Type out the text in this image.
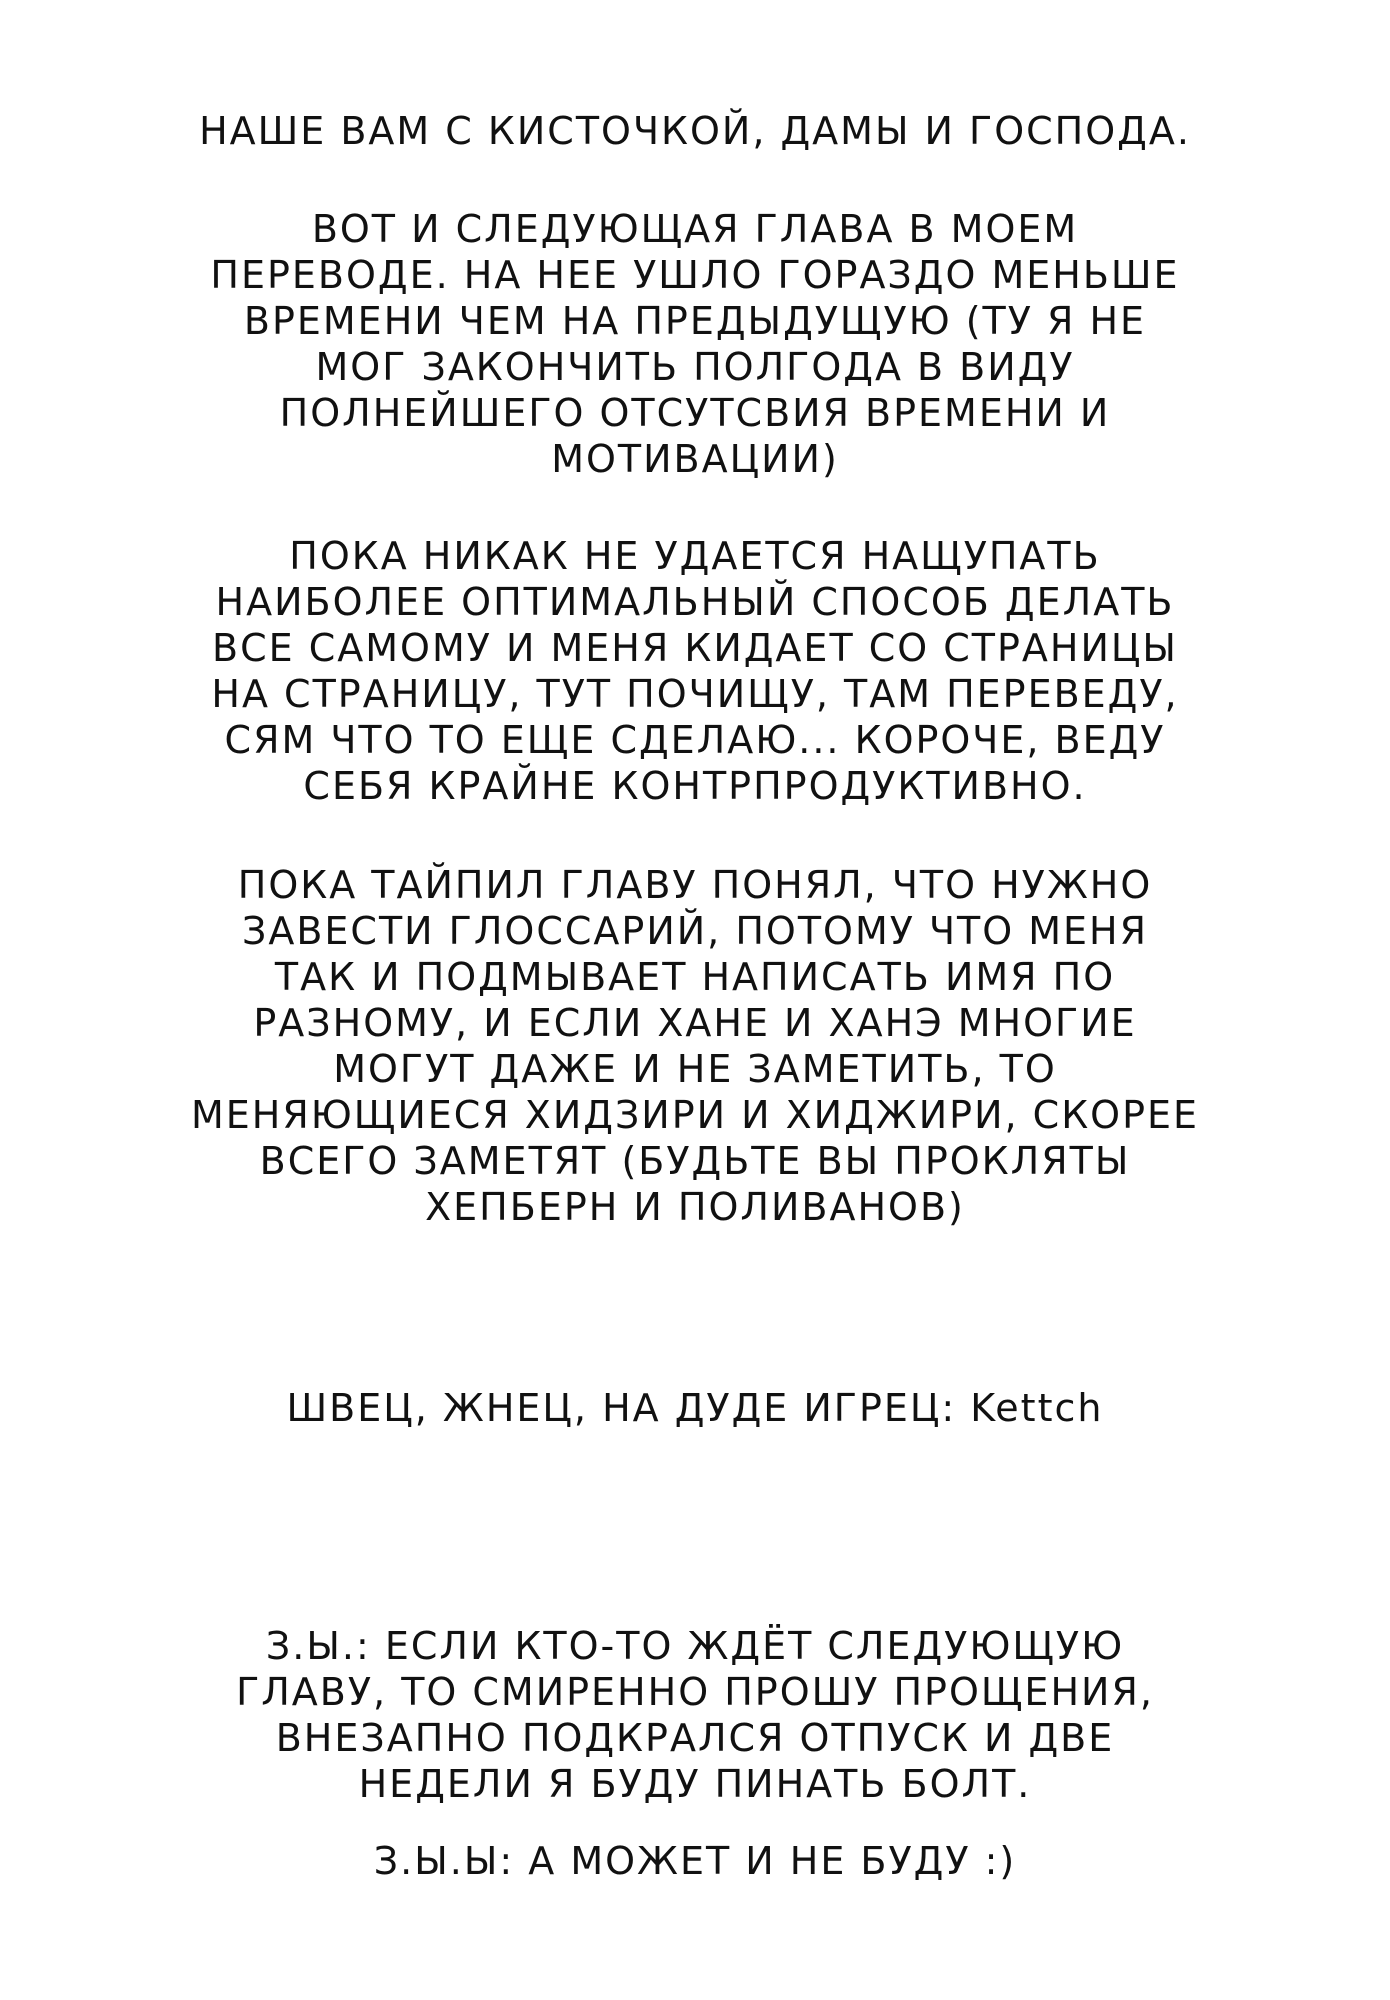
НАШЕ ВАМ С КИСТОЧКОЙ, ДАМЫ И ГОСПОДА.
ВОТ И СЛЕДУЮЩАЯ ГЛАВА В МОЕМ
ПЕРЕВОДЕ. НА НЕЕ УШЛО ГОРАЗДО МЕНЬШЕ
ВРЕМЕНИ ЧЕМ НА ПРЕДЫДУЩУЮ (ТУ Я НЕ
МОГ ЗАКОНЧИТЬ ПОЛГОДА В ВИДУ
ПОЛНЕЙШЕГО ОТСУТСВИЯ ВРЕМЕНИ И
МОТИВАЦИИ)
ПОКА НИКАК НЕ УДАЕТСЯ НАЩУПАТЬ
НАИБОЛЕЕ ОПТИМАЛЬНЫЙ СПОСОБ ДЕЛАТЬ
ВСЕ САМОМУ И МЕНЯ КИДАЕТ СО СТРАНИЦЫ
НА СТРАНИЦУ, ТУТ ПОЧИЩУ, ТАМ ПЕРЕВЕДУ,
СЯМ ЧТО ТО ЕЩЕ СДЕЛАЮ... КОРОЧЕ, ВЕДУ
СЕБЯ КРАЙНЕ КОНТРПРОДУКТИВНО.
ПОКА ТАЙПИЛ ГЛАВУ ПОНЯЛ, ЧТО НУЖНО
ЗАВЕСТИ ГЛОССАРИЙ, ПОТОМУ ЧТО МЕНЯ
ТАК И ПОДМЫВАЕТ НАПИСАТЬ ИМЯ ПО
РАЗНОМУ, И ЕСЛИ ХАНЕ И ХАНЭ МНОГИЕ
МОГУТ ДАЖЕ И НЕ ЗАМЕТИТЬ, ТО
МЕНЯЮЩИЕСЯ ХИДЗИРИ И ХИДЖИРИ, СКОРЕЕ
ВСЕГО ЗАМЕТЯТ (БУДЬТЕ ВЫ ПРОКЛЯТЫ
ХЕПБЕРН И ПОЛИВАНОВ)
ШВЕЦ, ЖНЕЦ, НА ДУДЕ ИГРЕЦ: Kettch
З.Ы.: ЕСЛИ КТО-ТО ЖДЁТ СЛЕДУЮЩУЮ
ГЛАВУ, ТО СМИРЕННО ПРОШУ ПРОЩЕНИЯ,
ВНЕЗАПНО ПОДКРАЛСЯ ОТПУСК И ДВЕ
НЕДЕЛИ Я БУДУ ПИНАТЬ БОЛТ.
З.Ы.Ы: А МОЖЕТ И НЕ БУДУ :)
